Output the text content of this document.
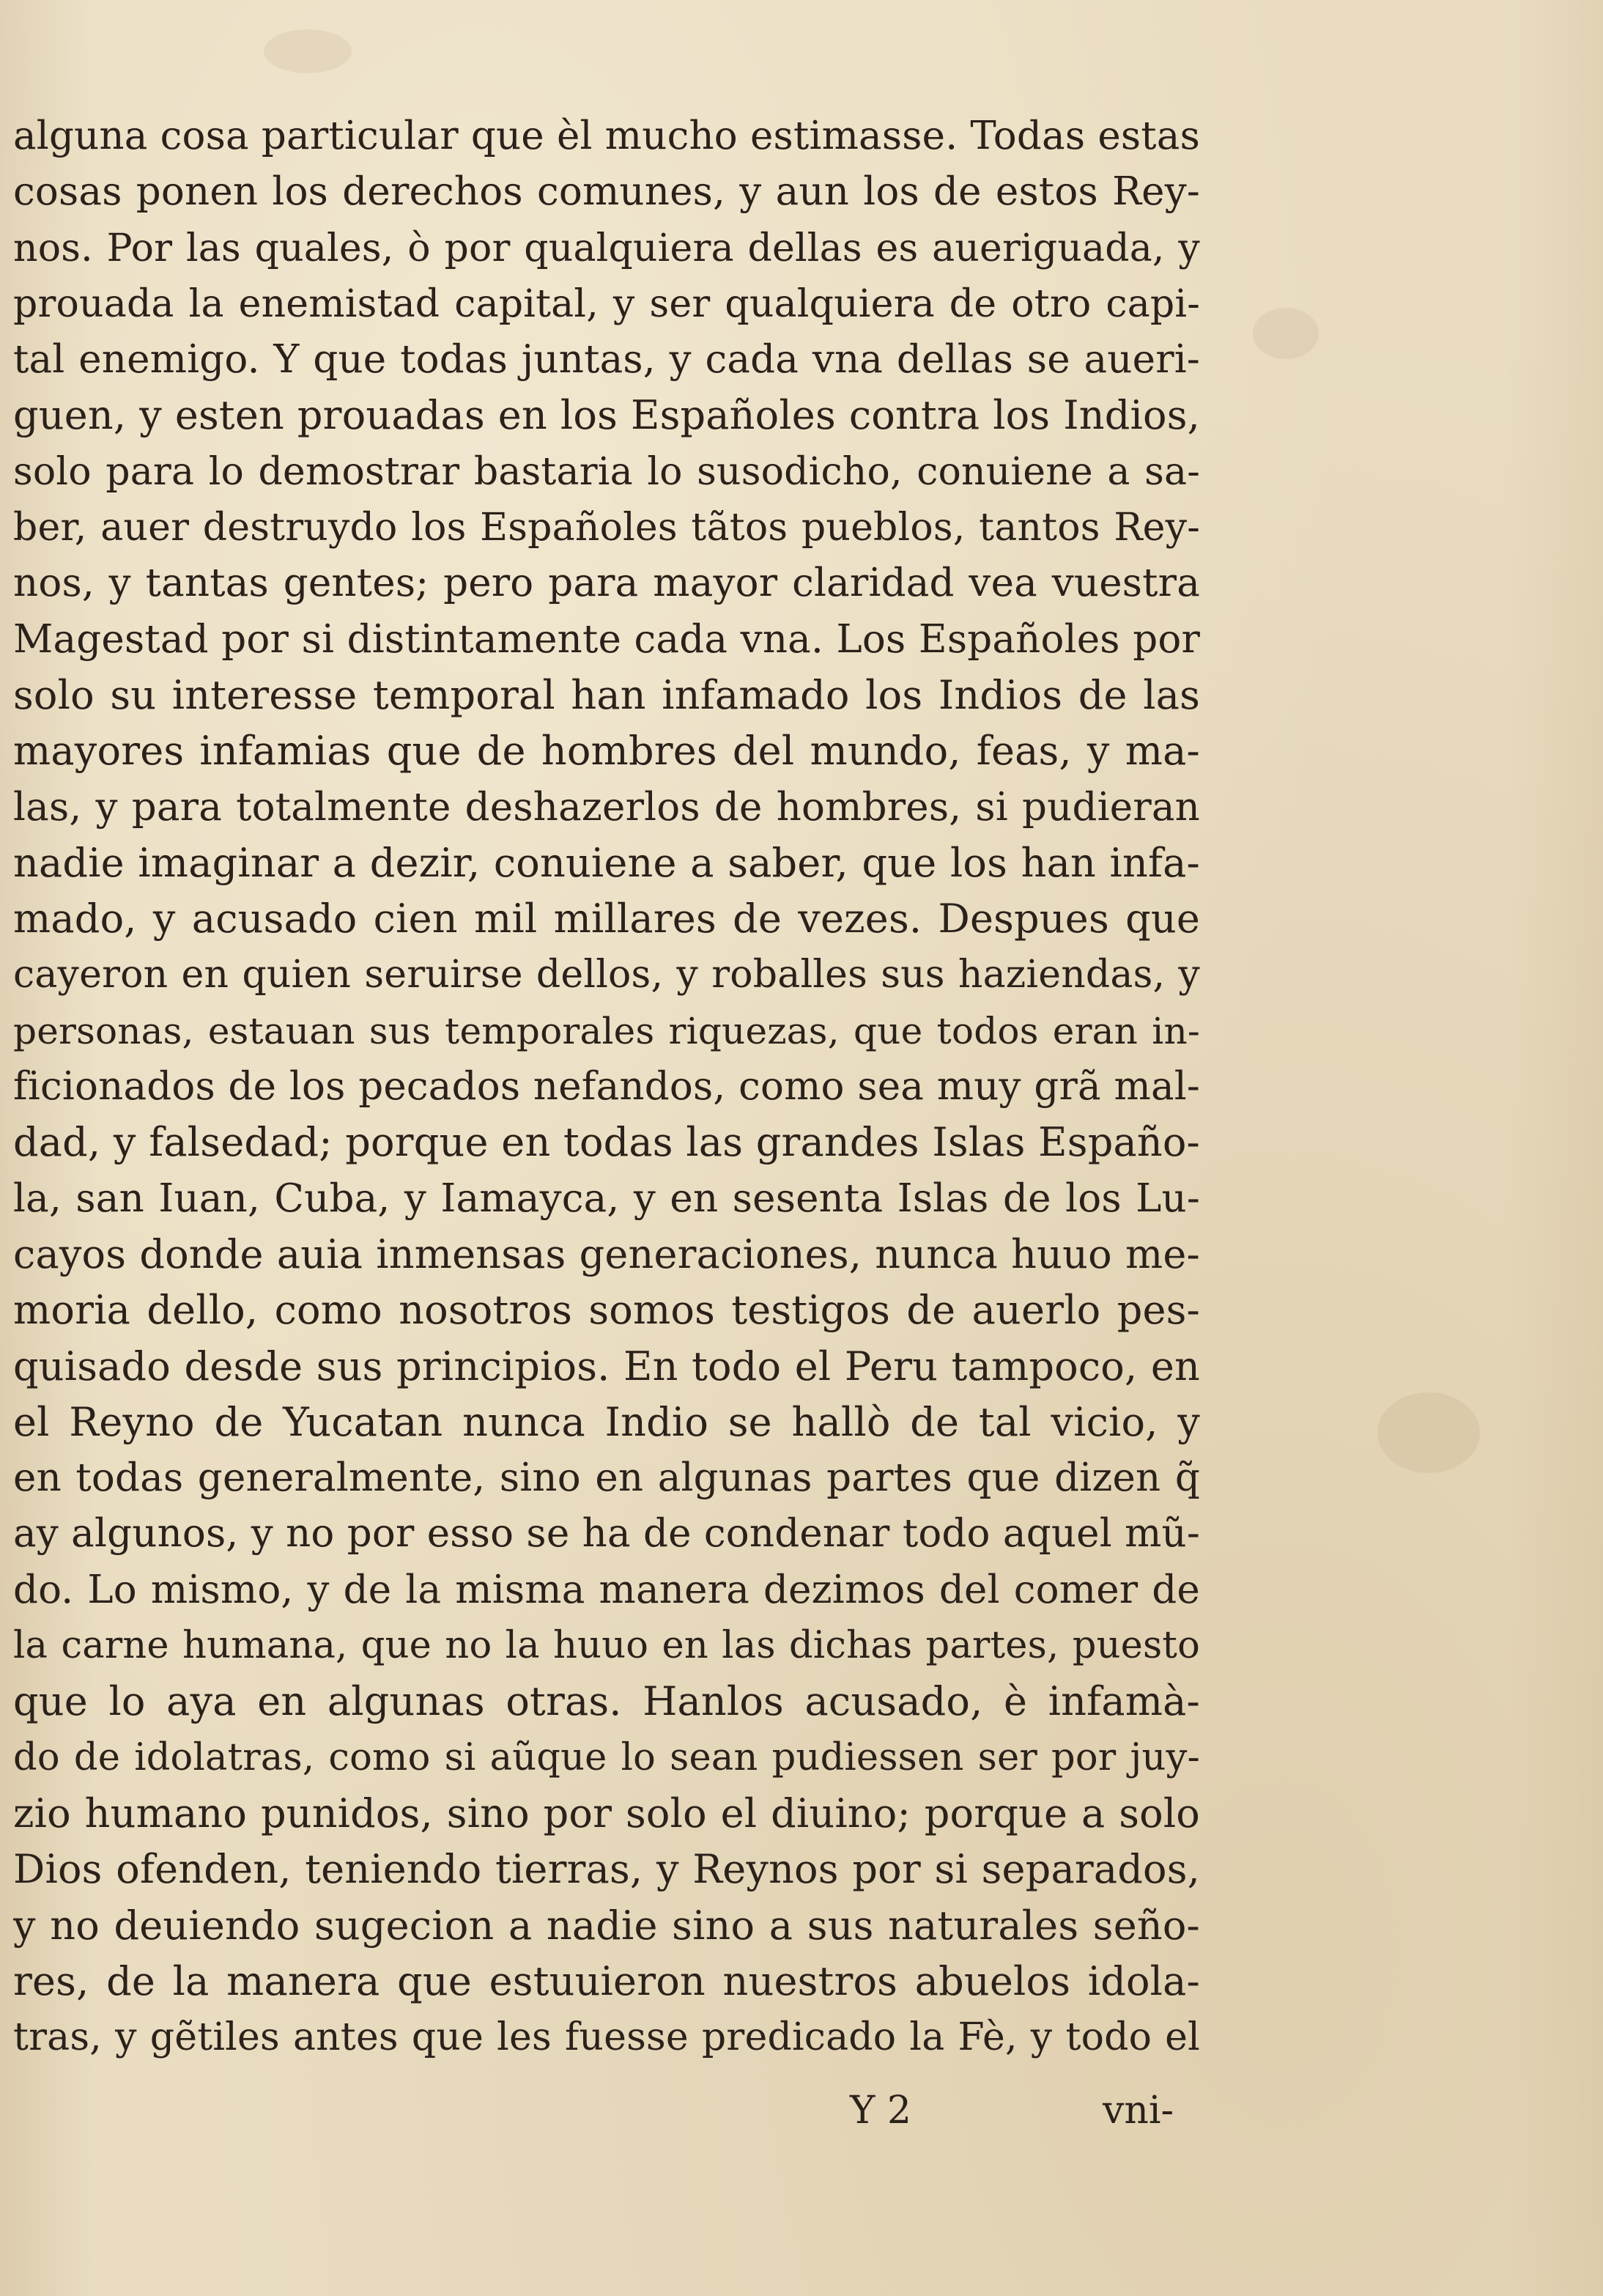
alguna cosa particular que èl mucho estimasse. Todas estas
cosas ponen los derechos comunes, y aun los de estos Rey-
nos. Por las quales, ò por qualquiera dellas es aueriguada, y
prouada la enemistad capital, y ser qualquiera de otro capi-
tal enemigo. Y que todas juntas, y cada vna dellas se aueri-
guen, y esten prouadas en los Españoles contra los Indios,
solo para lo demostrar bastaria lo susodicho, conuiene a sa-
ber, auer destruydo los Españoles tãtos pueblos, tantos Rey-
nos, y tantas gentes; pero para mayor claridad vea vuestra
Magestad por si distintamente cada vna. Los Españoles por
solo su interesse temporal han infamado los Indios de las
mayores infamias que de hombres del mundo, feas, y ma-
las, y para totalmente deshazerlos de hombres, si pudieran
nadie imaginar a dezir, conuiene a saber, que los han infa-
mado, y acusado cien mil millares de vezes. Despues que
cayeron en quien seruirse dellos, y roballes sus haziendas, y
personas, estauan sus temporales riquezas, que todos eran in-
ficionados de los pecados nefandos, como sea muy grã mal-
dad, y falsedad; porque en todas las grandes Islas Españo-
la, san Iuan, Cuba, y Iamayca, y en sesenta Islas de los Lu-
cayos donde auia inmensas generaciones, nunca huuo me-
moria dello, como nosotros somos testigos de auerlo pes-
quisado desde sus principios. En todo el Peru tampoco, en
el Reyno de Yucatan nunca Indio se hallò de tal vicio, y
en todas generalmente, sino en algunas partes que dizen q̃
ay algunos, y no por esso se ha de condenar todo aquel mũ-
do. Lo mismo, y de la misma manera dezimos del comer de
la carne humana, que no la huuo en las dichas partes, puesto
que lo aya en algunas otras. Hanlos acusado, è infamà-
do de idolatras, como si aũque lo sean pudiessen ser por juy-
zio humano punidos, sino por solo el diuino; porque a solo
Dios ofenden, teniendo tierras, y Reynos por si separados,
y no deuiendo sugecion a nadie sino a sus naturales seño-
res, de la manera que estuuieron nuestros abuelos idola-
tras, y gẽtiles antes que les fuesse predicado la Fè, y todo el
Y 2	vni-
